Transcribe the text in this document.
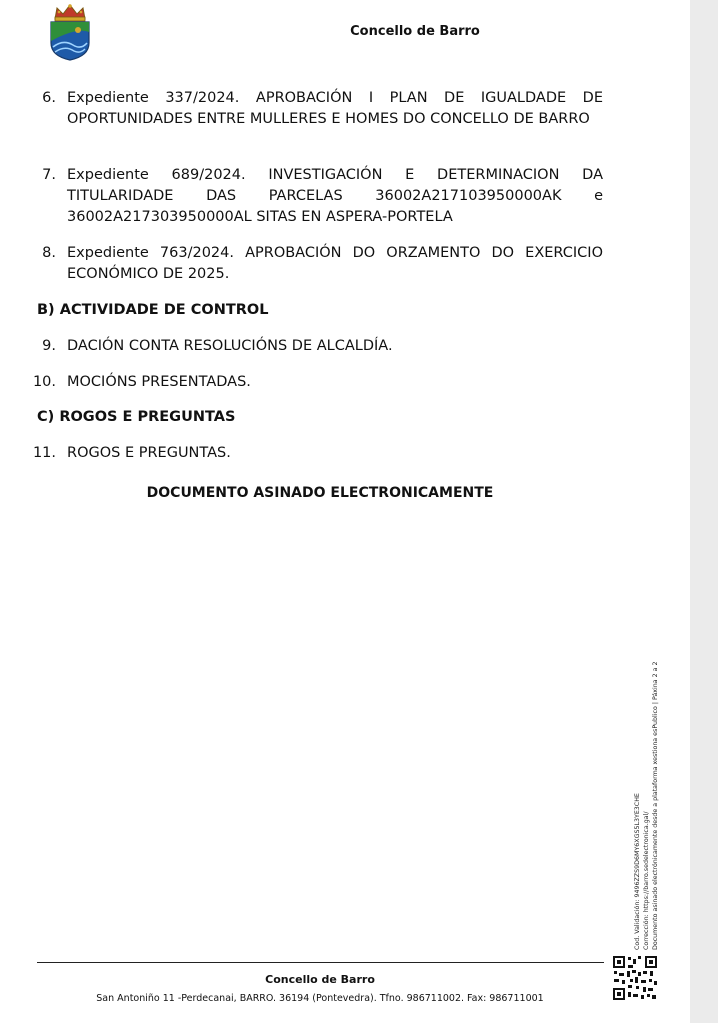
Concello de Barro
6. Expediente 337/2024. APROBACIÓN I PLAN DE IGUALDADE DE OPORTUNIDADES ENTRE MULLERES E HOMES DO CONCELLO DE BARRO
7. Expediente 689/2024. INVESTIGACIÓN E DETERMINACION DA TITULARIDADE DAS PARCELAS 36002A217103950000AK e 36002A217303950000AL SITAS EN ASPERA-PORTELA
8. Expediente 763/2024. APROBACIÓN DO ORZAMENTO DO EXERCICIO ECONÓMICO DE 2025.
B) ACTIVIDADE DE CONTROL
9. DACIÓN CONTA RESOLUCIÓNS DE ALCALDÍA.
10. MOCIÓNS PRESENTADAS.
C) ROGOS E PREGUNTAS
11. ROGOS E PREGUNTAS.
DOCUMENTO ASINADO ELECTRONICAMENTE
Cod. Validación: 9496ZZS9D6MY6XGS5L3YE3CHE Corrección: https://barro.sedelectronica.gal/ Documento asinado electrónicamente desde a plataforma xestiona esPublico | Páxina 2 a 2
Concello de Barro
San Antoniño 11 -Perdecanai, BARRO. 36194 (Pontevedra). Tfno. 986711002. Fax: 986711001
